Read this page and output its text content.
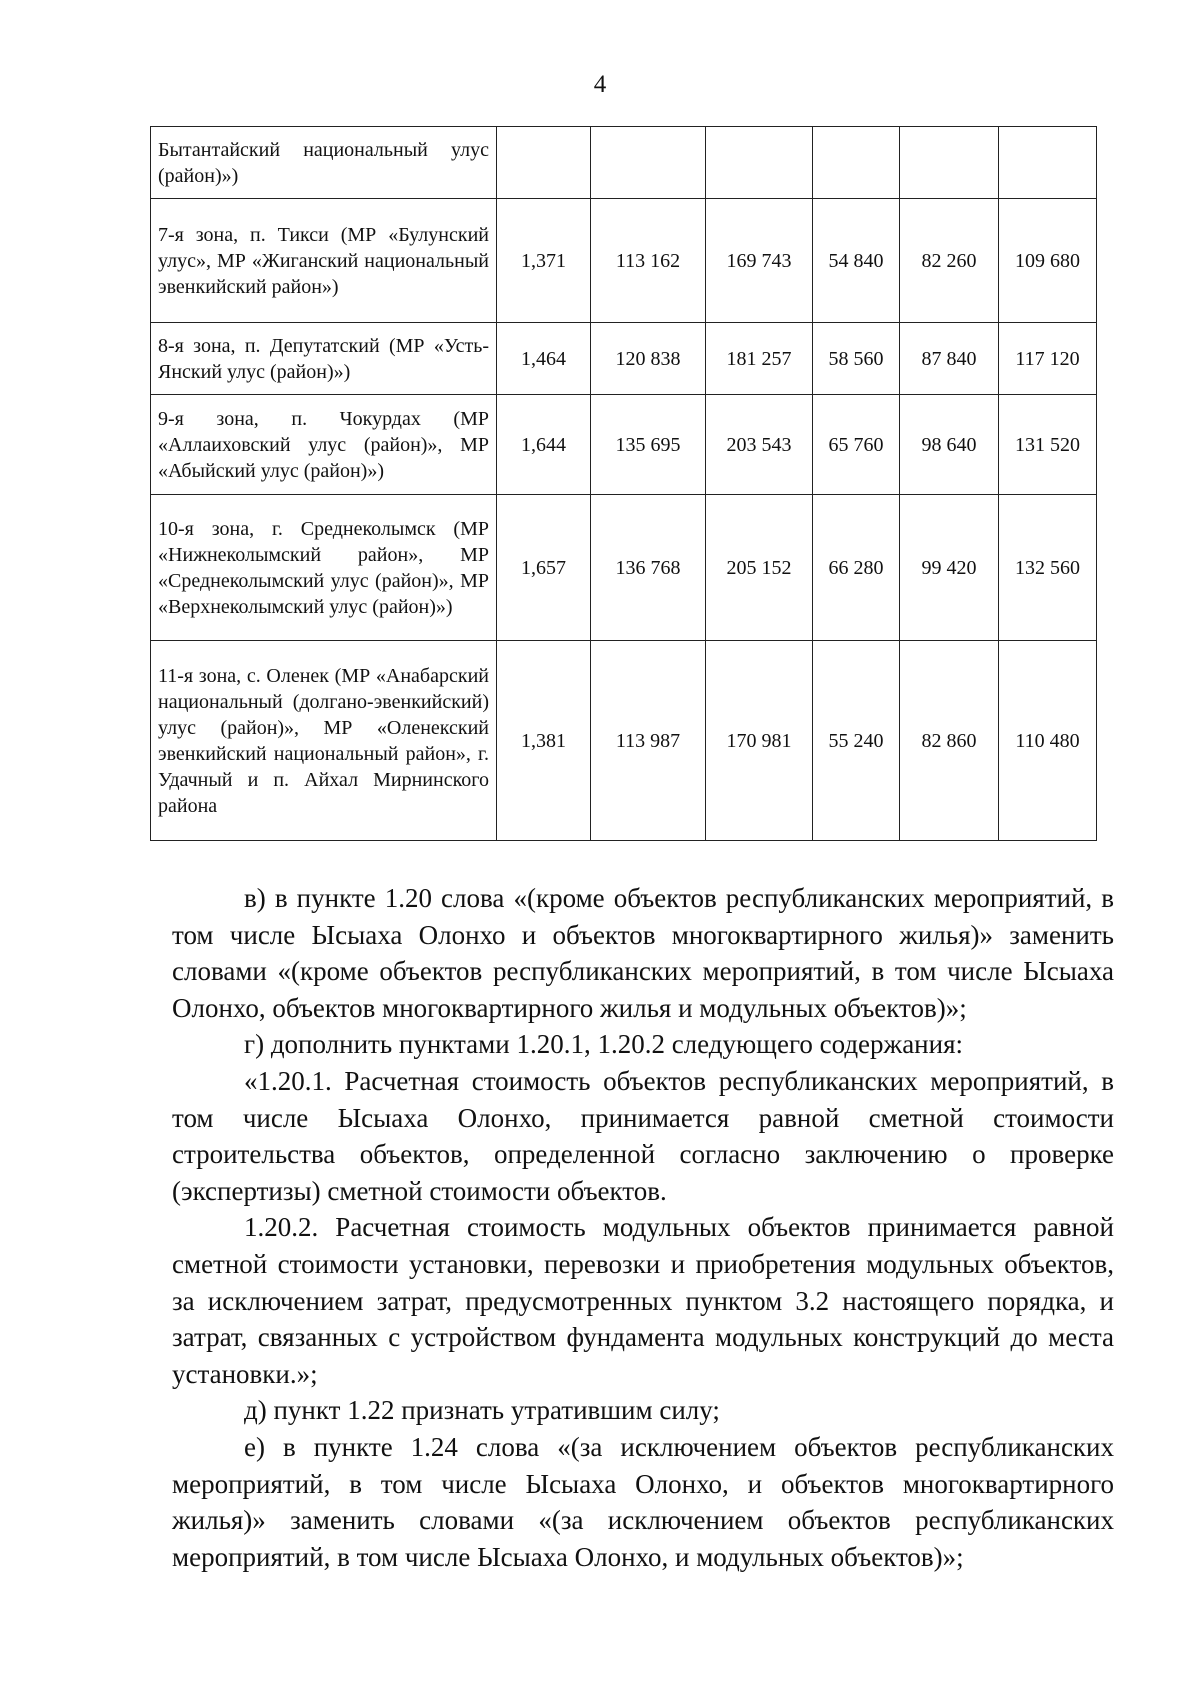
4
Бытантайский национальный улус (район)»)						
7-я зона, п. Тикси (МР «Булунский улус», МР «Жиганский национальный эвенкийский район»)	1,371	113 162	169 743	54 840	82 260	109 680
8-я зона, п. Депутатский (МР «Усть-Янский улус (район)»)	1,464	120 838	181 257	58 560	87 840	117 120
9-я зона, п. Чокурдах (МР «Аллаиховский улус (район)», МР «Абыйский улус (район)»)	1,644	135 695	203 543	65 760	98 640	131 520
10-я зона, г. Среднеколымск (МР «Нижнеколымский район», МР «Среднеколымский улус (район)», МР «Верхнеколымский улус (район)»)	1,657	136 768	205 152	66 280	99 420	132 560
11-я зона, с. Оленек (МР «Анабарский национальный (долгано-эвенкийский) улус (район)», МР «Оленекский эвенкийский национальный район», г. Удачный и п. Айхал Мирнинского района	1,381	113 987	170 981	55 240	82 860	110 480

в) в пункте 1.20 слова «(кроме объектов республиканских мероприятий, в том числе Ысыаха Олонхо и объектов многоквартирного жилья)» заменить словами «(кроме объектов республиканских мероприятий, в том числе Ысыаха Олонхо, объектов многоквартирного жилья и модульных объектов)»;

г) дополнить пунктами 1.20.1, 1.20.2 следующего содержания:

«1.20.1. Расчетная стоимость объектов республиканских мероприятий, в том числе Ысыаха Олонхо, принимается равной сметной стоимости строительства объектов, определенной согласно заключению о проверке (экспертизы) сметной стоимости объектов.

1.20.2. Расчетная стоимость модульных объектов принимается равной сметной стоимости установки, перевозки и приобретения модульных объектов, за исключением затрат, предусмотренных пунктом 3.2 настоящего порядка, и затрат, связанных с устройством фундамента модульных конструкций до места установки.»;

д) пункт 1.22 признать утратившим силу;

е) в пункте 1.24 слова «(за исключением объектов республиканских мероприятий, в том числе Ысыаха Олонхо, и объектов многоквартирного жилья)» заменить словами «(за исключением объектов республиканских мероприятий, в том числе Ысыаха Олонхо, и модульных объектов)»;
